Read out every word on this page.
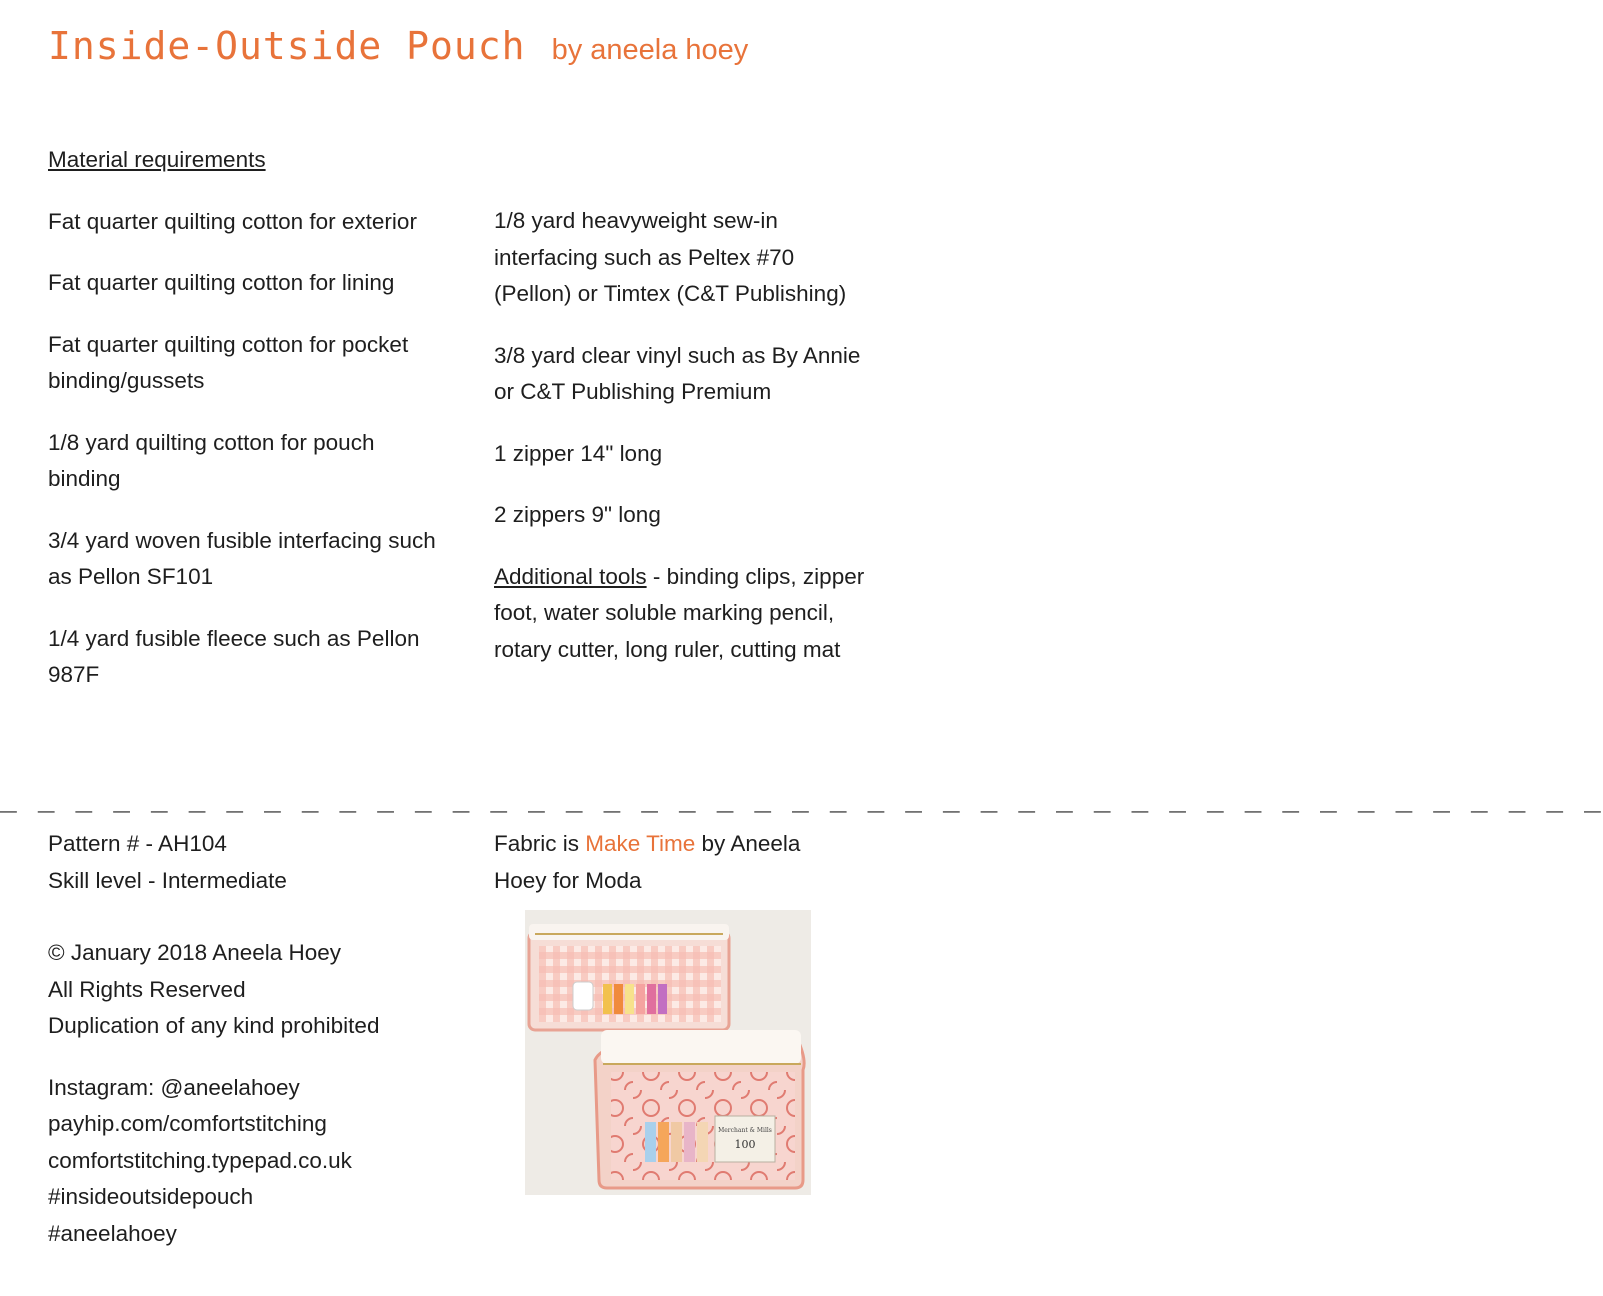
Inside-Outside Pouch by aneela hoey

Material requirements

Fat quarter quilting cotton for exterior

Fat quarter quilting cotton for lining

Fat quarter quilting cotton for pocket binding/gussets

1/8 yard quilting cotton for pouch binding

3/4 yard woven fusible interfacing such as Pellon SF101

1/4 yard fusible fleece such as Pellon 987F

1/8 yard heavyweight sew-in interfacing such as Peltex #70 (Pellon) or Timtex (C&T Publishing)

3/8 yard clear vinyl such as By Annie or C&T Publishing Premium

1 zipper 14" long

2 zippers 9" long

Additional tools - binding clips, zipper foot, water soluble marking pencil, rotary cutter, long ruler, cutting mat

_ _ _ _ _ _ _ _ _ _ _ _ _ _ _ _ _ _ _ _ _ _ _ _ _ _ _ _ _ _ _ _ _ _ _ _ _ _ _ _ _ _ _
Pattern # - AH104
Skill level - Intermediate
© January 2018 Aneela Hoey
All Rights Reserved
Duplication of any kind prohibited
Instagram: @aneelahoey
payhip.com/comfortstitching
comfortstitching.typepad.co.uk
#insideoutsidepouch
#aneelahoey

Fabric is Make Time by Aneela Hoey for Moda

Merchant & Mills
100
